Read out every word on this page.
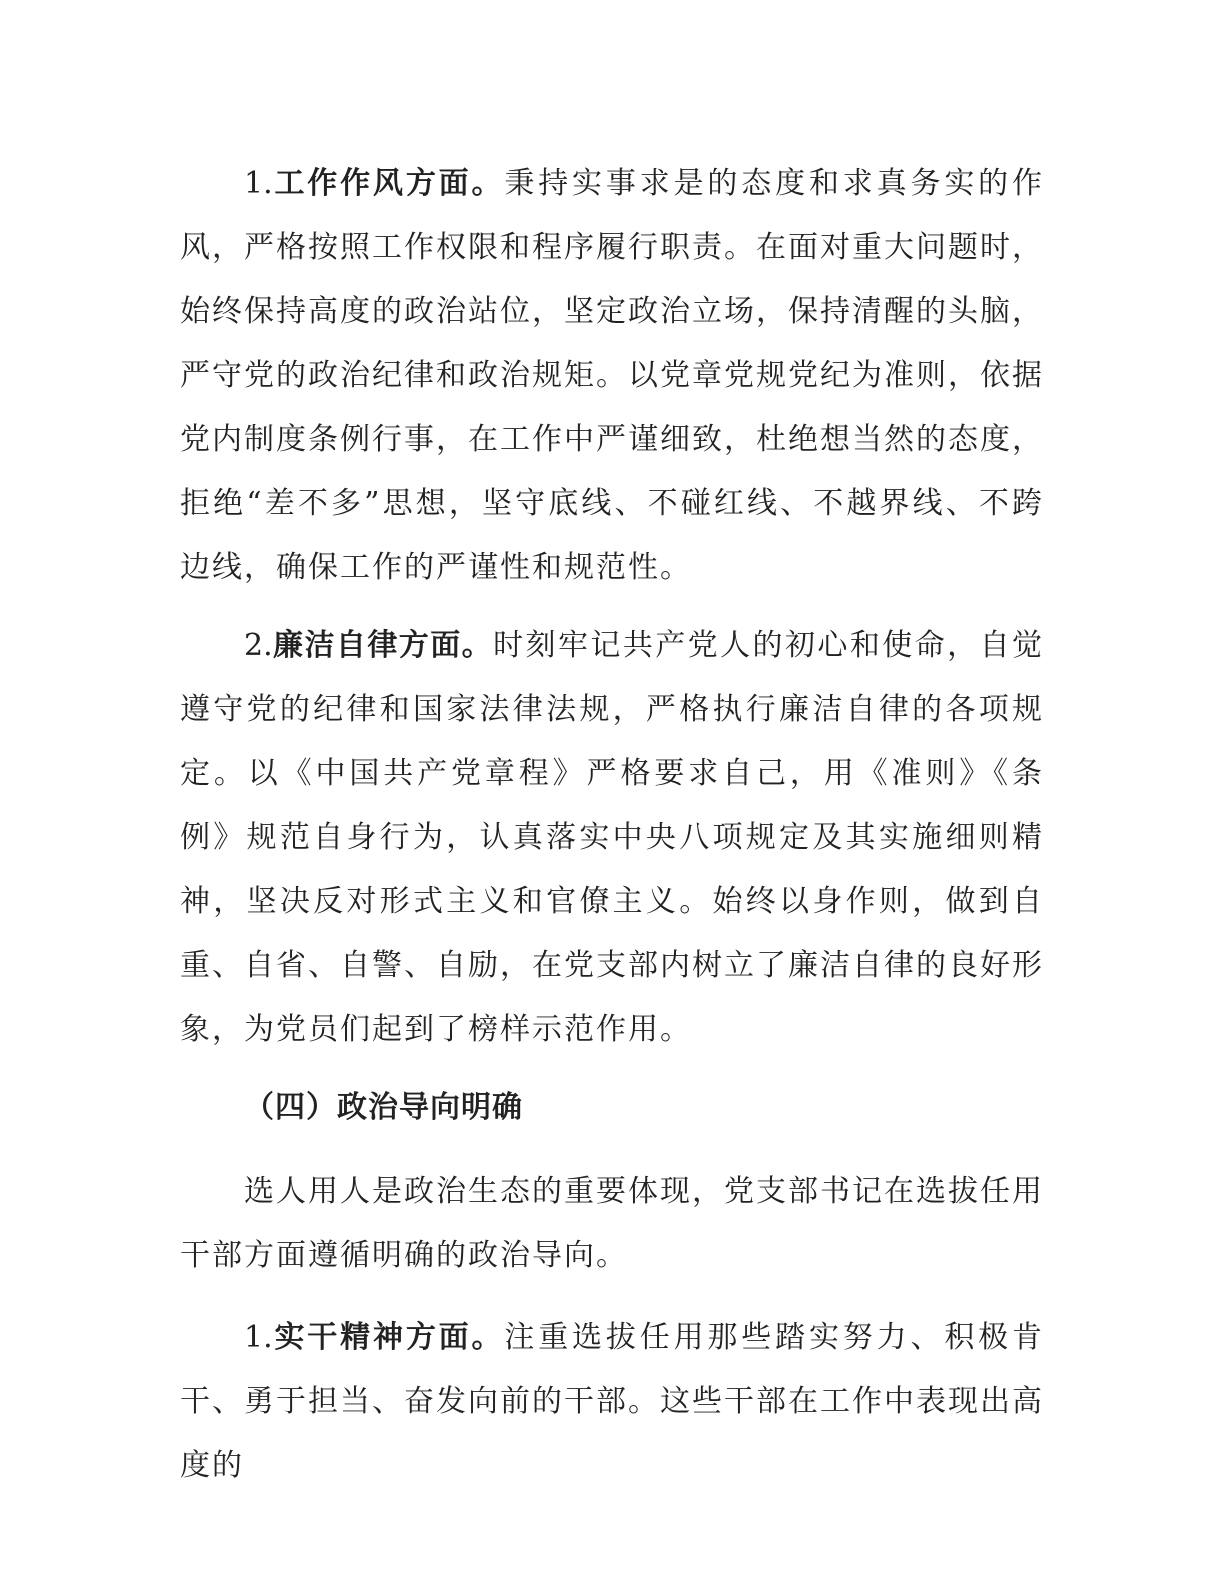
1.工作作风方面。秉持实事求是的态度和求真务实的作风，严格按照工作权限和程序履行职责。在面对重大问题时，始终保持高度的政治站位，坚定政治立场，保持清醒的头脑，严守党的政治纪律和政治规矩。以党章党规党纪为准则，依据党内制度条例行事，在工作中严谨细致，杜绝想当然的态度，拒绝“差不多”思想，坚守底线、不碰红线、不越界线、不跨边线，确保工作的严谨性和规范性。

2.廉洁自律方面。时刻牢记共产党人的初心和使命，自觉遵守党的纪律和国家法律法规，严格执行廉洁自律的各项规定。以《中国共产党章程》严格要求自己，用《准则》《条例》规范自身行为，认真落实中央八项规定及其实施细则精神，坚决反对形式主义和官僚主义。始终以身作则，做到自重、自省、自警、自励，在党支部内树立了廉洁自律的良好形象，为党员们起到了榜样示范作用。

（四）政治导向明确

选人用人是政治生态的重要体现，党支部书记在选拔任用干部方面遵循明确的政治导向。

1.实干精神方面。注重选拔任用那些踏实努力、积极肯干、勇于担当、奋发向前的干部。这些干部在工作中表现出高度的
